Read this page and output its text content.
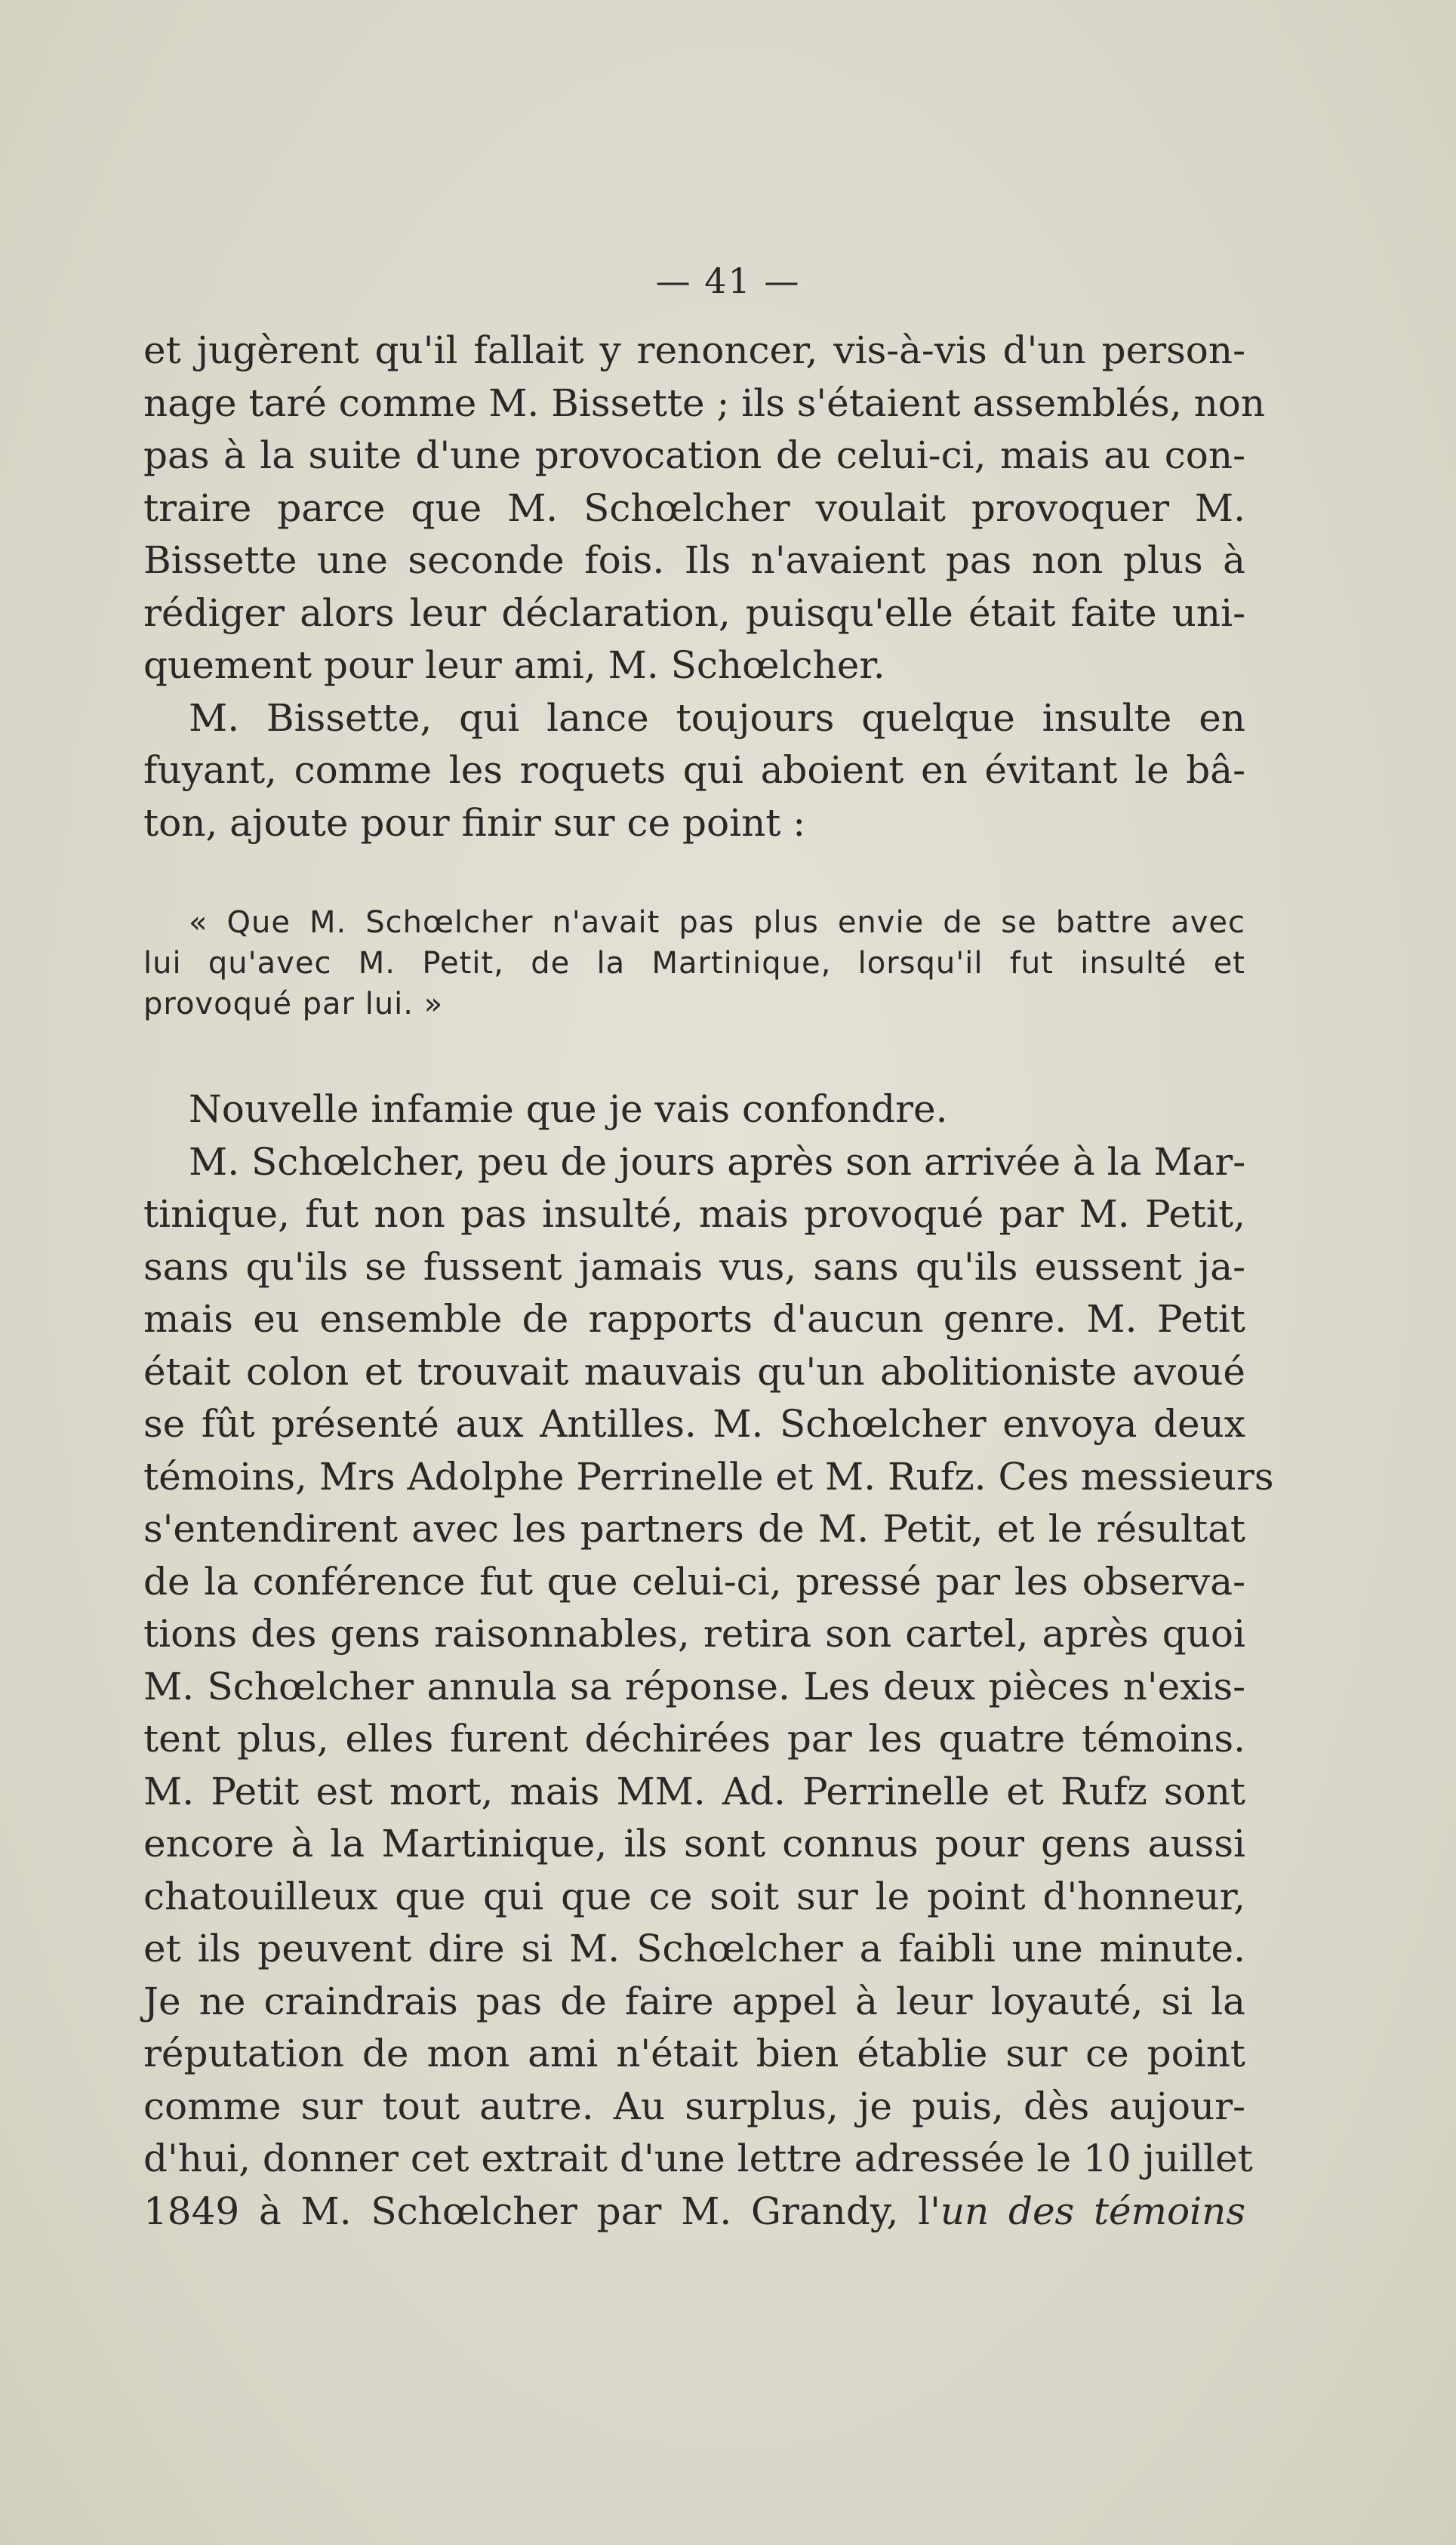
— 41 —
et jugèrent qu'il fallait y renoncer, vis-à-vis d'un person-
nage taré comme M. Bissette ; ils s'étaient assemblés, non
pas à la suite d'une provocation de celui-ci, mais au con-
traire parce que M. Schœlcher voulait provoquer M.
Bissette une seconde fois. Ils n'avaient pas non plus à
rédiger alors leur déclaration, puisqu'elle était faite uni-
quement pour leur ami, M. Schœlcher.
M. Bissette, qui lance toujours quelque insulte en
fuyant, comme les roquets qui aboient en évitant le bâ-
ton, ajoute pour finir sur ce point :
« Que M. Schœlcher n'avait pas plus envie de se battre avec
lui qu'avec M. Petit, de la Martinique, lorsqu'il fut insulté et
provoqué par lui. »
Nouvelle infamie que je vais confondre.
M. Schœlcher, peu de jours après son arrivée à la Mar-
tinique, fut non pas insulté, mais provoqué par M. Petit,
sans qu'ils se fussent jamais vus, sans qu'ils eussent ja-
mais eu ensemble de rapports d'aucun genre. M. Petit
était colon et trouvait mauvais qu'un abolitioniste avoué
se fût présenté aux Antilles. M. Schœlcher envoya deux
témoins, Mrs Adolphe Perrinelle et M. Rufz. Ces messieurs
s'entendirent avec les partners de M. Petit, et le résultat
de la conférence fut que celui-ci, pressé par les observa-
tions des gens raisonnables, retira son cartel, après quoi
M. Schœlcher annula sa réponse. Les deux pièces n'exis-
tent plus, elles furent déchirées par les quatre témoins.
M. Petit est mort, mais MM. Ad. Perrinelle et Rufz sont
encore à la Martinique, ils sont connus pour gens aussi
chatouilleux que qui que ce soit sur le point d'honneur,
et ils peuvent dire si M. Schœlcher a faibli une minute.
Je ne craindrais pas de faire appel à leur loyauté, si la
réputation de mon ami n'était bien établie sur ce point
comme sur tout autre. Au surplus, je puis, dès aujour-
d'hui, donner cet extrait d'une lettre adressée le 10 juillet
1849 à M. Schœlcher par M. Grandy, l'un des témoins
